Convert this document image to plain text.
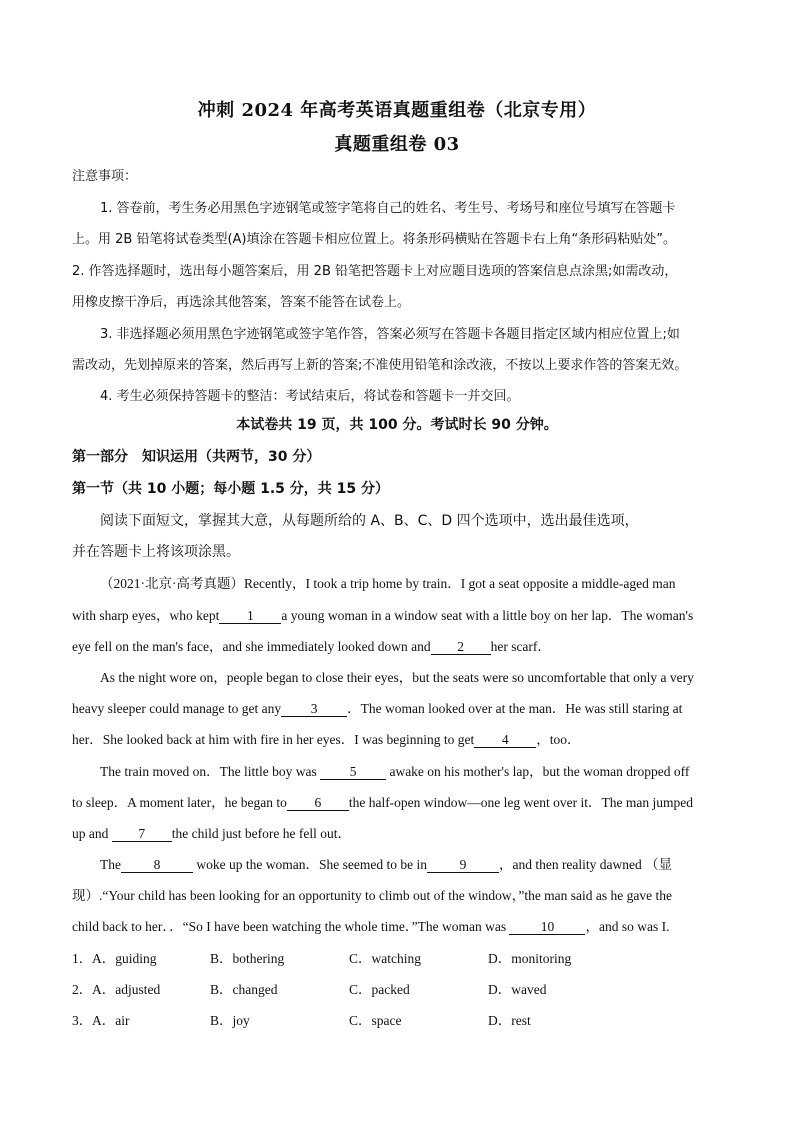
冲刺 2024 年高考英语真题重组卷（北京专用）
真题重组卷 03
注意事项：
1. 答卷前，考生务必用黑色字迹钢笔或签字笔将自己的姓名、考生号、考场号和座位号填写在答题卡
上。用 2B 铅笔将试卷类型(A)填涂在答题卡相应位置上。将条形码横贴在答题卡右上角“条形码粘贴处”。
2. 作答选择题时，选出每小题答案后，用 2B 铅笔把答题卡上对应题目选项的答案信息点涂黑;如需改动，
用橡皮擦干净后，再选涂其他答案，答案不能答在试卷上。
3. 非选择题必须用黑色字迹钢笔或签字笔作答，答案必须写在答题卡各题目指定区域内相应位置上;如
需改动，先划掉原来的答案，然后再写上新的答案;不准使用铅笔和涂改液，不按以上要求作答的答案无效。
4. 考生必须保持答题卡的整洁：考试结束后，将试卷和答题卡一并交回。
本试卷共 19 页，共 100 分。考试时长 90 分钟。
第一部分　知识运用（共两节，30 分）
第一节（共 10 小题；每小题 1.5 分，共 15 分）
阅读下面短文，掌握其大意，从每题所给的 A、B、C、D 四个选项中，选出最佳选项，
并在答题卡上将该项涂黑。
（2021·北京·高考真题）Recently，I took a trip home by train．I got a seat opposite a middle-aged man
with sharp eyes，who kept 1 a young woman in a window seat with a little boy on her lap．The woman's
eye fell on the man's face，and she immediately looked down and 2 her scarf．
As the night wore on，people began to close their eyes，but the seats were so uncomfortable that only a very
heavy sleeper could manage to get any 3 ．The woman looked over at the man．He was still staring at
her．She looked back at him with fire in her eyes．I was beginning to get 4 ，too．
The train moved on．The little boy was 5 awake on his mother's lap，but the woman dropped off
to sleep．A moment later，he began to 6 the half-open window—one leg went over it．The man jumped
up and 7 the child just before he fell out．
The 8	woke up the woman．She seemed to be in 9 ，and then reality dawned （显
现）.“Your child has been looking for an opportunity to climb out of the window，”the man said as he gave the
child back to her．．“So I have been watching the whole time．”The woman was	10 ，and so was I.
1． A．guiding	B．bothering	C．watching	D．monitoring
2． A．adjusted	B．changed	C．packed	D．waved
3． A．air	B．joy	C．space	D．rest
